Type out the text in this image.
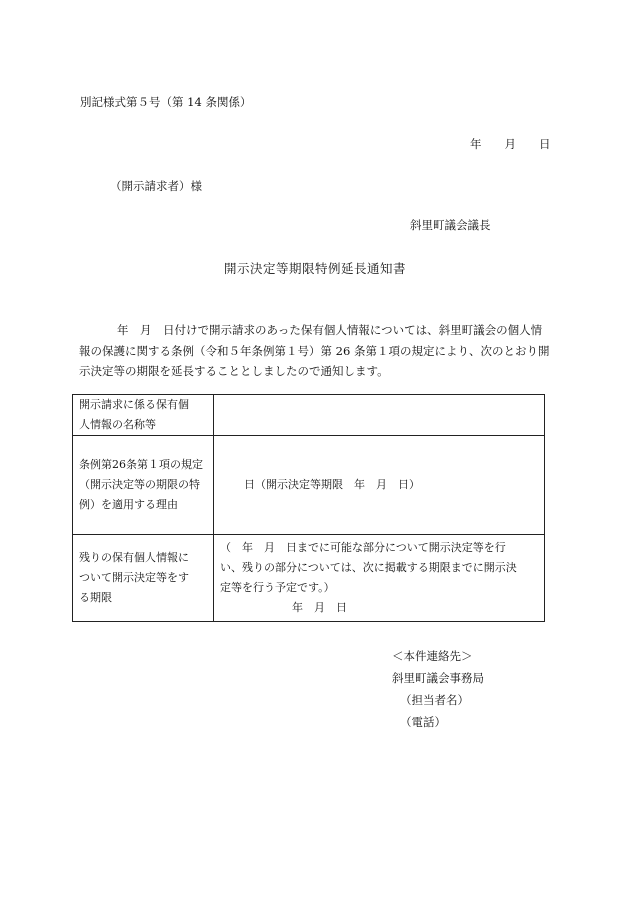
別記様式第５号（第 14 条関係）
年　　月　　日
（開示請求者）様
斜里町議会議長
開示決定等期限特例延長通知書

年　月　日付けで開示請求のあった保有個人情報については、斜里町議会の個人情

報の保護に関する条例（令和５年条例第１号）第 26 条第１項の規定により、次のとおり開

示決定等の期限を延長することとしましたので通知します。

開示請求に係る保有個
人情報の名称等	

条例第26条第１項の規定
（開示決定等の期限の特
例）を適用する理由	日（開示決定等期限　年　月　日）

残りの保有個人情報に
ついて開示決定等をす
る期限	（　年　月　日までに可能な部分について開示決定等を行
い、残りの部分については、次に掲載する期限までに開示決
定等を行う予定です。）
年　月　日
＜本件連絡先＞
斜里町議会事務局
（担当者名）
（電話）
